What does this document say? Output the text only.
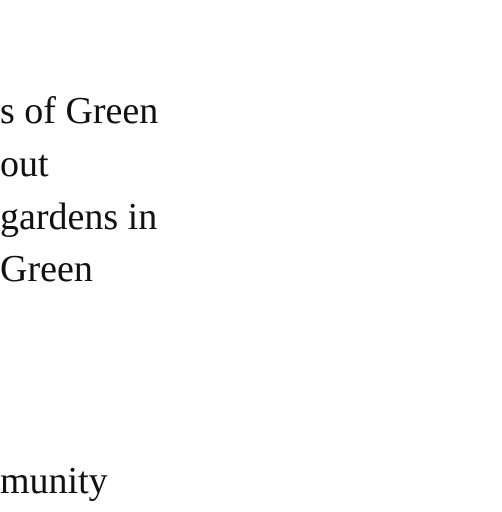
s of Green

out

gardens in

Green

munity
